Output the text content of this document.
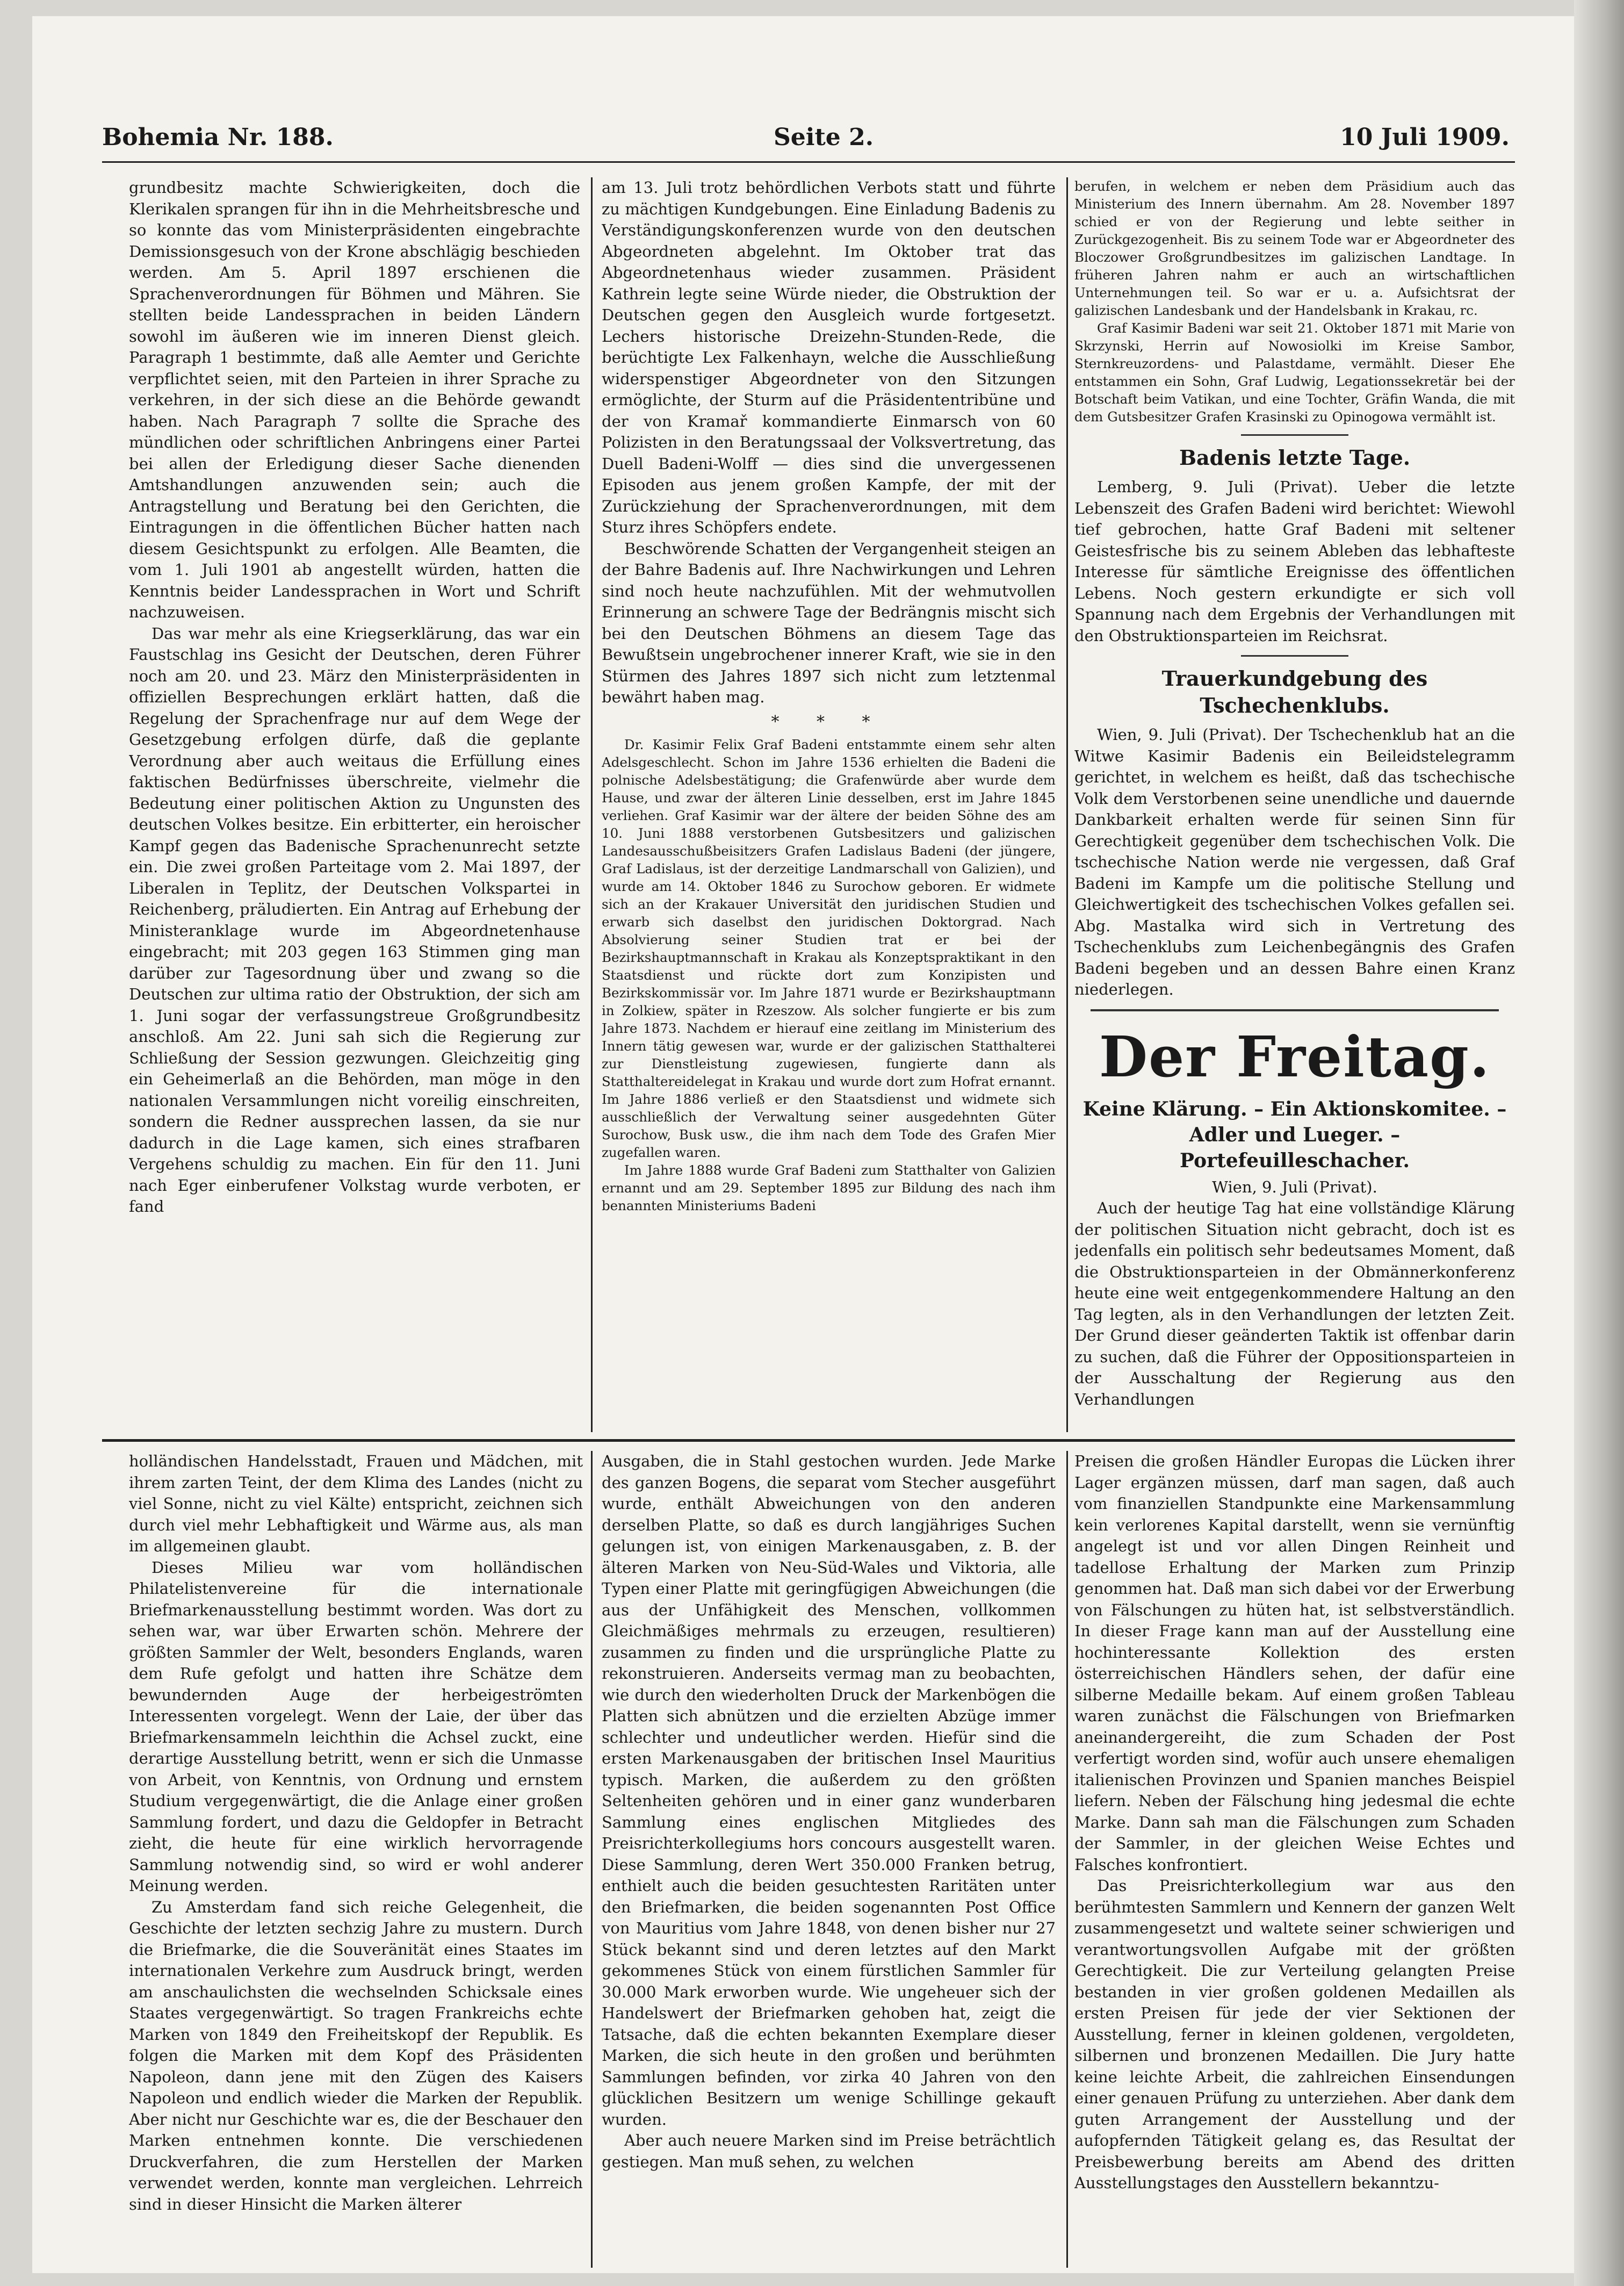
Bohemia Nr. 188.	Seite 2.	10 Juli 1909.

grundbesitz machte Schwierigkeiten, doch die Klerikalen sprangen für ihn in die Mehrheitsbresche und so konnte das vom Ministerpräsidenten eingebrachte Demissionsgesuch von der Krone abschlägig beschieden werden. Am 5. April 1897 erschienen die Sprachenverordnungen für Böhmen und Mähren. Sie stellten beide Landessprachen in beiden Ländern sowohl im äußeren wie im inneren Dienst gleich. Paragraph 1 bestimmte, daß alle Aemter und Gerichte verpflichtet seien, mit den Parteien in ihrer Sprache zu verkehren, in der sich diese an die Behörde gewandt haben. Nach Paragraph 7 sollte die Sprache des mündlichen oder schriftlichen Anbringens einer Partei bei allen der Erledigung dieser Sache dienenden Amtshandlungen anzuwenden sein; auch die Antragstellung und Beratung bei den Gerichten, die Eintragungen in die öffentlichen Bücher hatten nach diesem Gesichtspunkt zu erfolgen. Alle Beamten, die vom 1. Juli 1901 ab angestellt würden, hatten die Kenntnis beider Landessprachen in Wort und Schrift nachzuweisen.

Das war mehr als eine Kriegserklärung, das war ein Faustschlag ins Gesicht der Deutschen, deren Führer noch am 20. und 23. März den Ministerpräsidenten in offiziellen Besprechungen erklärt hatten, daß die Regelung der Sprachenfrage nur auf dem Wege der Gesetzgebung erfolgen dürfe, daß die geplante Verordnung aber auch weitaus die Erfüllung eines faktischen Bedürfnisses überschreite, vielmehr die Bedeutung einer politischen Aktion zu Ungunsten des deutschen Volkes besitze. Ein erbitterter, ein heroischer Kampf gegen das Badenische Sprachenunrecht setzte ein. Die zwei großen Parteitage vom 2. Mai 1897, der Liberalen in Teplitz, der Deutschen Volkspartei in Reichenberg, präludierten. Ein Antrag auf Erhebung der Ministeranklage wurde im Abgeordnetenhause eingebracht; mit 203 gegen 163 Stimmen ging man darüber zur Tagesordnung über und zwang so die Deutschen zur ultima ratio der Obstruktion, der sich am 1. Juni sogar der verfassungstreue Großgrundbesitz anschloß. Am 22. Juni sah sich die Regierung zur Schließung der Session gezwungen. Gleichzeitig ging ein Geheimerlaß an die Behörden, man möge in den nationalen Versammlungen nicht voreilig einschreiten, sondern die Redner aussprechen lassen, da sie nur dadurch in die Lage kamen, sich eines strafbaren Vergehens schuldig zu machen. Ein für den 11. Juni nach Eger einberufener Volkstag wurde verboten, er fand

am 13. Juli trotz behördlichen Verbots statt und führte zu mächtigen Kundgebungen. Eine Einladung Badenis zu Verständigungskonferenzen wurde von den deutschen Abgeordneten abgelehnt. Im Oktober trat das Abgeordnetenhaus wieder zusammen. Präsident Kathrein legte seine Würde nieder, die Obstruktion der Deutschen gegen den Ausgleich wurde fortgesetzt. Lechers historische Dreizehn-Stunden-Rede, die berüchtigte Lex Falkenhayn, welche die Ausschließung widerspenstiger Abgeordneter von den Sitzungen ermöglichte, der Sturm auf die Präsidententribüne und der von Kramař kommandierte Einmarsch von 60 Polizisten in den Beratungssaal der Volksvertretung, das Duell Badeni-Wolff — dies sind die unvergessenen Episoden aus jenem großen Kampfe, der mit der Zurückziehung der Sprachenverordnungen, mit dem Sturz ihres Schöpfers endete.

Beschwörende Schatten der Vergangenheit steigen an der Bahre Badenis auf. Ihre Nachwirkungen und Lehren sind noch heute nachzufühlen. Mit der wehmutvollen Erinnerung an schwere Tage der Bedrängnis mischt sich bei den Deutschen Böhmens an diesem Tage das Bewußtsein ungebrochener innerer Kraft, wie sie in den Stürmen des Jahres 1897 sich nicht zum letztenmal bewährt haben mag.

* * *

Dr. Kasimir Felix Graf Badeni entstammte einem sehr alten Adelsgeschlecht. Schon im Jahre 1536 erhielten die Badeni die polnische Adelsbestätigung; die Grafenwürde aber wurde dem Hause, und zwar der älteren Linie desselben, erst im Jahre 1845 verliehen. Graf Kasimir war der ältere der beiden Söhne des am 10. Juni 1888 verstorbenen Gutsbesitzers und galizischen Landesausschußbeisitzers Grafen Ladislaus Badeni (der jüngere, Graf Ladislaus, ist der derzeitige Landmarschall von Galizien), und wurde am 14. Oktober 1846 zu Surochow geboren. Er widmete sich an der Krakauer Universität den juridischen Studien und erwarb sich daselbst den juridischen Doktorgrad. Nach Absolvierung seiner Studien trat er bei der Bezirkshauptmannschaft in Krakau als Konzeptspraktikant in den Staatsdienst und rückte dort zum Konzipisten und Bezirkskommissär vor. Im Jahre 1871 wurde er Bezirkshauptmann in Zolkiew, später in Rzeszow. Als solcher fungierte er bis zum Jahre 1873. Nachdem er hierauf eine zeitlang im Ministerium des Innern tätig gewesen war, wurde er der galizischen Statthalterei zur Dienstleistung zugewiesen, fungierte dann als Statthaltereidelegat in Krakau und wurde dort zum Hofrat ernannt. Im Jahre 1886 verließ er den Staatsdienst und widmete sich ausschließlich der Verwaltung seiner ausgedehnten Güter Surochow, Busk usw., die ihm nach dem Tode des Grafen Mier zugefallen waren.

Im Jahre 1888 wurde Graf Badeni zum Statthalter von Galizien ernannt und am 29. September 1895 zur Bildung des nach ihm benannten Ministeriums Badeni

berufen, in welchem er neben dem Präsidium auch das Ministerium des Innern übernahm. Am 28. November 1897 schied er von der Regierung und lebte seither in Zurückgezogenheit. Bis zu seinem Tode war er Abgeordneter des Bloczower Großgrundbesitzes im galizischen Landtage. In früheren Jahren nahm er auch an wirtschaftlichen Unternehmungen teil. So war er u. a. Aufsichtsrat der galizischen Landesbank und der Handelsbank in Krakau, rc.

Graf Kasimir Badeni war seit 21. Oktober 1871 mit Marie von Skrzynski, Herrin auf Nowosiolki im Kreise Sambor, Sternkreuzordens- und Palastdame, vermählt. Dieser Ehe entstammen ein Sohn, Graf Ludwig, Legationssekretär bei der Botschaft beim Vatikan, und eine Tochter, Gräfin Wanda, die mit dem Gutsbesitzer Grafen Krasinski zu Opinogowa vermählt ist.

Badenis letzte Tage.

Lemberg, 9. Juli (Privat). Ueber die letzte Lebenszeit des Grafen Badeni wird berichtet: Wiewohl tief gebrochen, hatte Graf Badeni mit seltener Geistesfrische bis zu seinem Ableben das lebhafteste Interesse für sämtliche Ereignisse des öffentlichen Lebens. Noch gestern erkundigte er sich voll Spannung nach dem Ergebnis der Verhandlungen mit den Obstruktionsparteien im Reichsrat.

Trauerkundgebung des Tschechenklubs.

Wien, 9. Juli (Privat). Der Tschechenklub hat an die Witwe Kasimir Badenis ein Beileidstelegramm gerichtet, in welchem es heißt, daß das tschechische Volk dem Verstorbenen seine unendliche und dauernde Dankbarkeit erhalten werde für seinen Sinn für Gerechtigkeit gegenüber dem tschechischen Volk. Die tschechische Nation werde nie vergessen, daß Graf Badeni im Kampfe um die politische Stellung und Gleichwertigkeit des tschechischen Volkes gefallen sei. Abg. Mastalka wird sich in Vertretung des Tschechenklubs zum Leichenbegängnis des Grafen Badeni begeben und an dessen Bahre einen Kranz niederlegen.

Der Freitag.
Keine Klärung. – Ein Aktionskomitee. – Adler und Lueger. – Portefeuilleschacher.

Wien, 9. Juli (Privat).

Auch der heutige Tag hat eine vollständige Klärung der politischen Situation nicht gebracht, doch ist es jedenfalls ein politisch sehr bedeutsames Moment, daß die Obstruktionsparteien in der Obmännerkonferenz heute eine weit entgegenkommendere Haltung an den Tag legten, als in den Verhandlungen der letzten Zeit. Der Grund dieser geänderten Taktik ist offenbar darin zu suchen, daß die Führer der Oppositionsparteien in der Ausschaltung der Regierung aus den Verhandlungen

holländischen Handelsstadt, Frauen und Mädchen, mit ihrem zarten Teint, der dem Klima des Landes (nicht zu viel Sonne, nicht zu viel Kälte) entspricht, zeichnen sich durch viel mehr Lebhaftigkeit und Wärme aus, als man im allgemeinen glaubt.

Dieses Milieu war vom holländischen Philatelistenvereine für die internationale Briefmarkenausstellung bestimmt worden. Was dort zu sehen war, war über Erwarten schön. Mehrere der größten Sammler der Welt, besonders Englands, waren dem Rufe gefolgt und hatten ihre Schätze dem bewundernden Auge der herbeigeströmten Interessenten vorgelegt. Wenn der Laie, der über das Briefmarkensammeln leichthin die Achsel zuckt, eine derartige Ausstellung betritt, wenn er sich die Unmasse von Arbeit, von Kenntnis, von Ordnung und ernstem Studium vergegenwärtigt, die die Anlage einer großen Sammlung fordert, und dazu die Geldopfer in Betracht zieht, die heute für eine wirklich hervorragende Sammlung notwendig sind, so wird er wohl anderer Meinung werden.

Zu Amsterdam fand sich reiche Gelegenheit, die Geschichte der letzten sechzig Jahre zu mustern. Durch die Briefmarke, die die Souveränität eines Staates im internationalen Verkehre zum Ausdruck bringt, werden am anschaulichsten die wechselnden Schicksale eines Staates vergegenwärtigt. So tragen Frankreichs echte Marken von 1849 den Freiheitskopf der Republik. Es folgen die Marken mit dem Kopf des Präsidenten Napoleon, dann jene mit den Zügen des Kaisers Napoleon und endlich wieder die Marken der Republik. Aber nicht nur Geschichte war es, die der Beschauer den Marken entnehmen konnte. Die verschiedenen Druckverfahren, die zum Herstellen der Marken verwendet werden, konnte man vergleichen. Lehrreich sind in dieser Hinsicht die Marken älterer

Ausgaben, die in Stahl gestochen wurden. Jede Marke des ganzen Bogens, die separat vom Stecher ausgeführt wurde, enthält Abweichungen von den anderen derselben Platte, so daß es durch langjähriges Suchen gelungen ist, von einigen Markenausgaben, z. B. der älteren Marken von Neu-Süd-Wales und Viktoria, alle Typen einer Platte mit geringfügigen Abweichungen (die aus der Unfähigkeit des Menschen, vollkommen Gleichmäßiges mehrmals zu erzeugen, resultieren) zusammen zu finden und die ursprüngliche Platte zu rekonstruieren. Anderseits vermag man zu beobachten, wie durch den wiederholten Druck der Markenbögen die Platten sich abnützen und die erzielten Abzüge immer schlechter und undeutlicher werden. Hiefür sind die ersten Markenausgaben der britischen Insel Mauritius typisch. Marken, die außerdem zu den größten Seltenheiten gehören und in einer ganz wunderbaren Sammlung eines englischen Mitgliedes des Preisrichterkollegiums hors concours ausgestellt waren. Diese Sammlung, deren Wert 350.000 Franken betrug, enthielt auch die beiden gesuchtesten Raritäten unter den Briefmarken, die beiden sogenannten Post Office von Mauritius vom Jahre 1848, von denen bisher nur 27 Stück bekannt sind und deren letztes auf den Markt gekommenes Stück von einem fürstlichen Sammler für 30.000 Mark erworben wurde. Wie ungeheuer sich der Handelswert der Briefmarken gehoben hat, zeigt die Tatsache, daß die echten bekannten Exemplare dieser Marken, die sich heute in den großen und berühmten Sammlungen befinden, vor zirka 40 Jahren von den glücklichen Besitzern um wenige Schillinge gekauft wurden.

Aber auch neuere Marken sind im Preise beträchtlich gestiegen. Man muß sehen, zu welchen

Preisen die großen Händler Europas die Lücken ihrer Lager ergänzen müssen, darf man sagen, daß auch vom finanziellen Standpunkte eine Markensammlung kein verlorenes Kapital darstellt, wenn sie vernünftig angelegt ist und vor allen Dingen Reinheit und tadellose Erhaltung der Marken zum Prinzip genommen hat. Daß man sich dabei vor der Erwerbung von Fälschungen zu hüten hat, ist selbstverständlich. In dieser Frage kann man auf der Ausstellung eine hochinteressante Kollektion des ersten österreichischen Händlers sehen, der dafür eine silberne Medaille bekam. Auf einem großen Tableau waren zunächst die Fälschungen von Briefmarken aneinandergereiht, die zum Schaden der Post verfertigt worden sind, wofür auch unsere ehemaligen italienischen Provinzen und Spanien manches Beispiel liefern. Neben der Fälschung hing jedesmal die echte Marke. Dann sah man die Fälschungen zum Schaden der Sammler, in der gleichen Weise Echtes und Falsches konfrontiert.

Das Preisrichterkollegium war aus den berühmtesten Sammlern und Kennern der ganzen Welt zusammengesetzt und waltete seiner schwierigen und verantwortungsvollen Aufgabe mit der größten Gerechtigkeit. Die zur Verteilung gelangten Preise bestanden in vier großen goldenen Medaillen als ersten Preisen für jede der vier Sektionen der Ausstellung, ferner in kleinen goldenen, vergoldeten, silbernen und bronzenen Medaillen. Die Jury hatte keine leichte Arbeit, die zahlreichen Einsendungen einer genauen Prüfung zu unterziehen. Aber dank dem guten Arrangement der Ausstellung und der aufopfernden Tätigkeit gelang es, das Resultat der Preisbewerbung bereits am Abend des dritten Ausstellungstages den Ausstellern bekanntzu-
